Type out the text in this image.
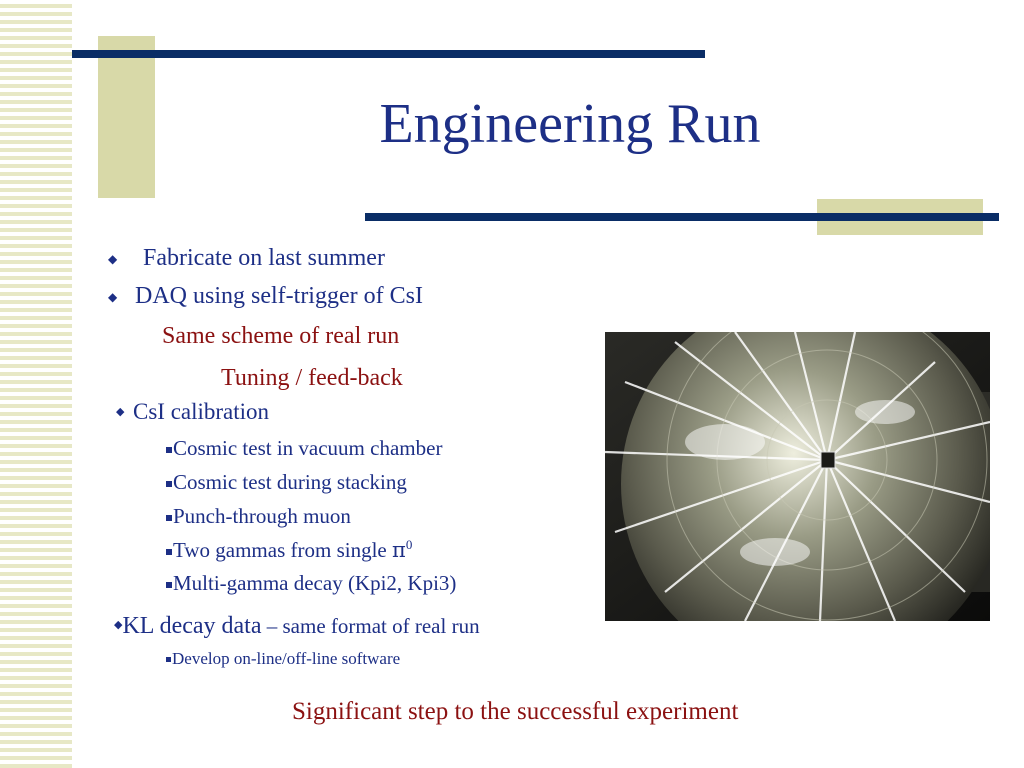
Engineering Run
◆ Fabricate on last summer
◆ DAQ using self-trigger of CsI
Same scheme of real run
Tuning / feed-back
◆ CsI calibration
Cosmic test in vacuum chamber
Cosmic test during stacking
Punch-through muon
Two gammas from single $\pi^0$
Multi-gamma decay (Kpi2, Kpi3)
◆KL decay data – same format of real run
Develop on-line/off-line software
Significant step to the successful experiment
